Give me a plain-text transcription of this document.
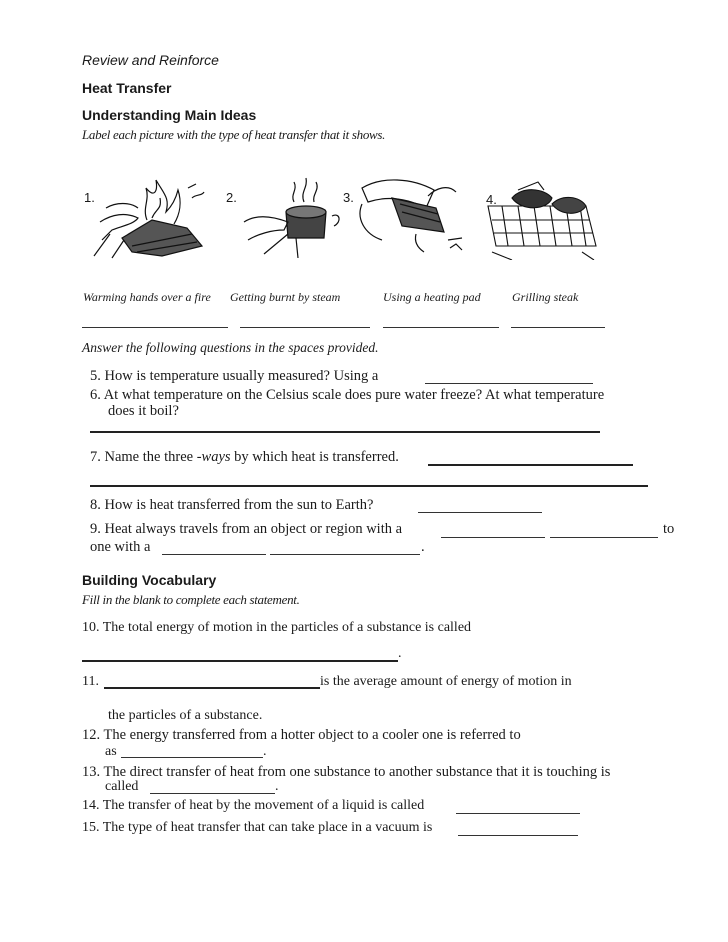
Review and Reinforce
Heat Transfer
Understanding Main Ideas
Label each picture with the type of heat transfer that it shows.
1.	2.	3.	4.
Warming hands over a fire Getting burnt by steam	Using a heating pad	Grilling steak
Answer the following questions in the spaces provided.
5. How is temperature usually measured? Using a
6. At what temperature on the Celsius scale does pure water freeze? At what temperature
does it boil?
7. Name the three -ways by which heat is transferred.
8. How is heat transferred from the sun to Earth?
9. Heat always travels from an object or region with a	to
one with a	.
Building Vocabulary
Fill in the blank to complete each statement.
10. The total energy of motion in the particles of a substance is called
.
11.	is the average amount of energy of motion in
the particles of a substance.
12. The energy transferred from a hotter object to a cooler one is referred to
as	.
13. The direct transfer of heat from one substance to another substance that it is touching is
called	.
14. The transfer of heat by the movement of a liquid is called
15. The type of heat transfer that can take place in a vacuum is
